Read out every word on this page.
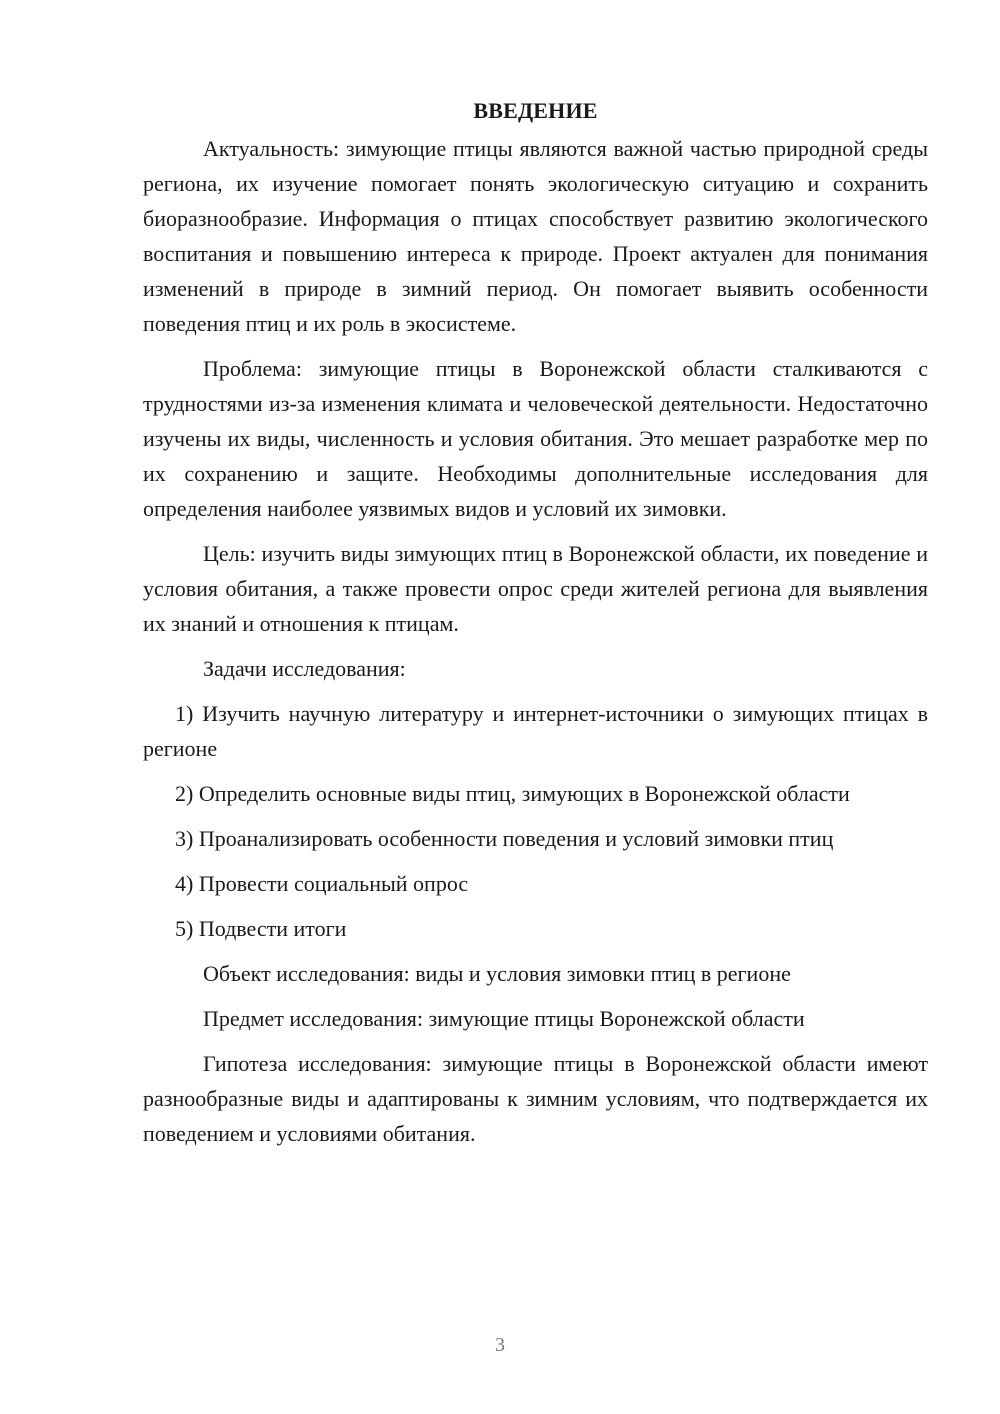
ВВЕДЕНИЕ

Актуальность: зимующие птицы являются важной частью природной среды региона, их изучение помогает понять экологическую ситуацию и сохранить биоразнообразие. Информация о птицах способствует развитию экологического воспитания и повышению интереса к природе. Проект актуален для понимания изменений в природе в зимний период. Он помогает выявить особенности поведения птиц и их роль в экосистеме.

Проблема: зимующие птицы в Воронежской области сталкиваются с трудностями из-за изменения климата и человеческой деятельности. Недостаточно изучены их виды, численность и условия обитания. Это мешает разработке мер по их сохранению и защите. Необходимы дополнительные исследования для определения наиболее уязвимых видов и условий их зимовки.

Цель: изучить виды зимующих птиц в Воронежской области, их поведение и условия обитания, а также провести опрос среди жителей региона для выявления их знаний и отношения к птицам.

Задачи исследования:

1) Изучить научную литературу и интернет-источники о зимующих птицах в регионе

2) Определить основные виды птиц, зимующих в Воронежской области

3) Проанализировать особенности поведения и условий зимовки птиц

4) Провести социальный опрос

5) Подвести итоги

Объект исследования: виды и условия зимовки птиц в регионе

Предмет исследования: зимующие птицы Воронежской области

Гипотеза исследования: зимующие птицы в Воронежской области имеют разнообразные виды и адаптированы к зимним условиям, что подтверждается их поведением и условиями обитания.

3
